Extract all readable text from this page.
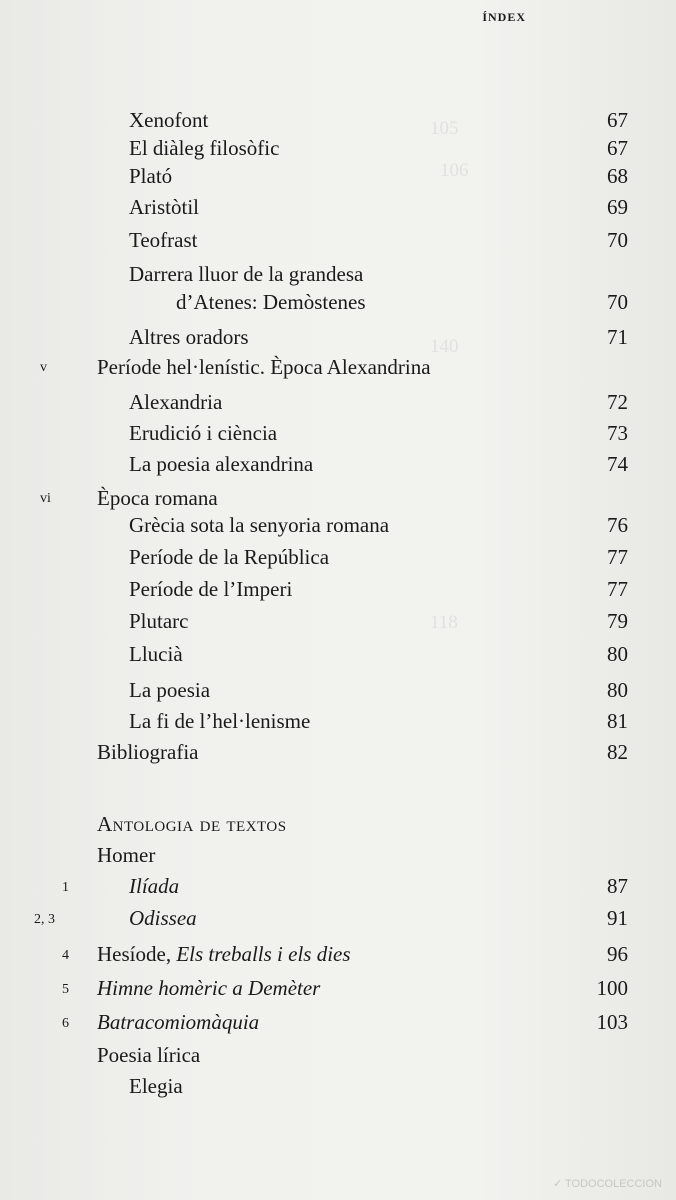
105
106
140
118
ÍNDEX
Xenofont	67
El diàleg filosòfic	67
Plató	68
Aristòtil	69
Teofrast	70
Darrera lluor de la grandesa
d’Atenes: Demòstenes	70
Altres oradors	71
v	Període hel·lenístic. Època Alexandrina
Alexandria	72
Erudició i ciència	73
La poesia alexandrina	74
vi	Època romana
Grècia sota la senyoria romana	76
Període de la República	77
Període de l’Imperi	77
Plutarc	79
Llucià	80
La poesia	80
La fi de l’hel·lenisme	81
Bibliografia	82
Antologia de textos
Homer
1	Ilíada	87
2, 3	Odissea	91
4 Hesíode, Els treballs i els dies	96
5 Himne homèric a Demèter	100
6 Batracomiomàquia	103
Poesia lírica
Elegia
✓ TODOCOLECCION
